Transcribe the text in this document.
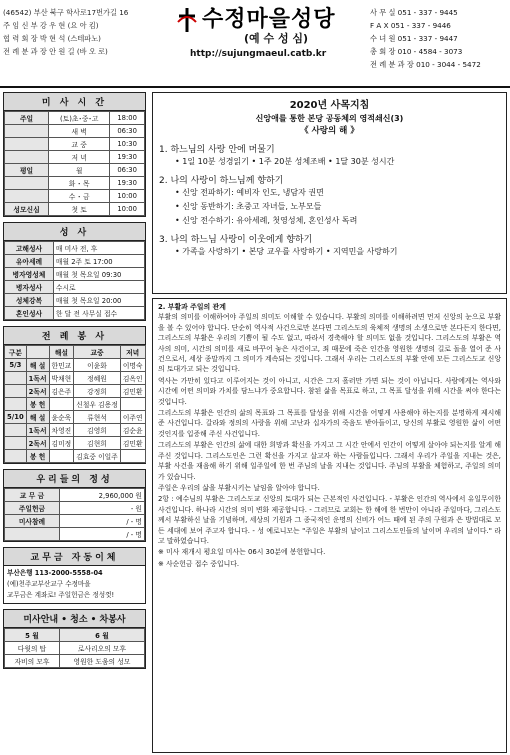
(46542) 부산 북구 학사로17번가길 16
주 임 신 부 강 우 현 (요 아 킴)
협 력 회 장 박 현 석 (스테파노)
전 례 분 과 장 안 원 길 (바 오 로)
수정마을성당
(예 수 성 심)
http://sujungmaeul.catb.kr
사 무 실 051 - 337 - 9445
F A X 051 - 337 - 9446
수 녀 원 051 - 337 - 9447
총 회 장 010 - 4584 - 3073
전 례 분 과 장 010 - 3044 - 5472
미 사 시 간
주일	(토)초･중･고	18:00
	새 벽	06:30
	교 중	10:30
	저 녁	19:30
평일	월	06:30
	화 ･ 목	19:30
	수 ･ 금	10:00
성모신심	첫 토	10:00
성 사
고해성사	매 미사 전, 후
유아세례	매월 2주 토 17:00
병자영성체	매월 첫 목요일 09:30
병자성사	수시로
성체강복	매월 첫 목요일 20:00
혼인성사	한 달 전 사무실 접수
전 례 봉 사
구분		해설	교중	저녁
5/3	해 설	한민교	이윤화	이명숙
	1독서	박채현	정혜원	김옥인
	2독서	김은주	강정희	김민환
	봉 헌		신철우 김용정	
5/10	해 설	윤순욱	류현석	이주연
	1독서	차영진	김영희	김순윤
	2독서	김미정	김현희	김민환
	봉 헌		김효중 이일주	
우리들의 정성
교 무 금	2,960,000 원
주일헌금	- 원
미사참례	/ - 명
	/ - 명
교무금 자동이체
부산은행 113-2000-5558-04
(예)천주교부산교구 수정마을
교무금은 계좌로! 주일헌금은 정성껏!
미사안내 • 청소 • 차봉사
5 월	6 월
다윗의 탑	로사리오의 모후
자비의 모후	영원한 도움의 성모
2020년 사목지침
신앙애를 통한 본당 공동체의 영적쇄신(3)
《 사랑의 해 》
1. 하느님의 사랑 안에 머물기
• 1일 10분 성경읽기 • 1주 20분 성체조배 • 1달 30분 성시간
2. 나의 사랑이 하느님께 향하기
• 신앙 전파하기: 예비자 인도, 냉담자 권면
• 신앙 동반하기: 초중고 자녀들, 노부모들
• 신앙 전수하기: 유아세례, 첫영성체, 혼인성사 독려
3. 나의 하느님 사랑이 이웃에게 향하기
• 가족을 사랑하기 • 본당 교우를 사랑하기 • 지역민을 사랑하기
2. 부활과 주일의 관계

부활의 의미를 이해하여야 주일의 의미도 이해할 수 있습니다. 부활의 의미를 이해하려면 먼저 신앙의 눈으로 부활을 볼 수 있어야 합니다. 단순히 역사적 사건으로만 본다면 그리스도의 육체적 생명의 소생으로만 본다든지 한다면, 그리스도의 부활은 우리의 기쁨이 될 수도 없고, 따라서 경축해야 할 의미도 없을 것입니다. 그리스도의 부활은 역사의 의미, 시간의 의미를 새로 바꾸어 놓은 사건이고, 죄 때문에 죽은 인간을 영원한 생명의 길로 돌을 열어 준 사건으로서, 세상 종말까지 그 의미가 계속되는 것입니다. 그래서 우리는 그리스도의 부활 안에 모든 그리스도교 신앙의 토대가고 되는 것입니다.

역사는 가만히 있다고 이루어지는 것이 아니고, 시간은 그저 흘러만 가면 되는 것이 아닙니다. 사람에게는 역사와 시간에 어떤 의미와 가치를 담느냐가 중요합니다. 참된 삶을 목표로 하고, 그 목표 달성을 위해 시간을 써야 한다는 것입니다.

그리스도의 부활은 인간의 삶의 목표와 그 목표를 달성을 위해 시간을 어떻게 사용해야 하는지를 분명하게 제시해 준 사건입니다. 갈라와 정의의 사랑을 위해 고난과 십자가의 죽음도 받아들이고, 당신의 부활로 영원한 삶이 어떤 것인지를 입증해 주신 사건입니다.

그리스도의 부활은 인간의 삶에 대한 희망과 확신을 가지고 그 시간 안에서 인간이 어떻게 살아야 되는지를 알게 해 주신 것입니다. 그리스도인은 그런 확신을 가지고 살고자 하는 사람들입니다. 그래서 우리가 주일을 지내는 것은, 부활 사건을 재음해 하기 위해 일주일에 한 번 주님의 날을 지내는 것입니다. 주님의 부활을 체험하고, 주일의 의미가 있습니다.

주일은 우리의 삶을 부활시키는 날임을 알아야 합니다.

2항 : 예수님의 부활은 그리스도교 신앙의 토대가 되는 근본적인 사건입니다. - 부활은 인간의 역사에서 유일무이한 사건입니다. 하나라 시간의 의미 변화 제공합니다. - 그러므로 교회는 한 해에 한 번만이 아니라 주일마다, 그리스도께서 부활하신 날을 기념하며, 세상의 기원과 그 종국적인 운명의 신비가 어느 때에 된 주의 구원과 은 방법대로 모든 세대에 보여 주고자 합니다. - 성 예로니모는 "주일은 부활의 날이고 그리스도인들의 날이며 우리의 날이다." 라고 말하였습니다.

※ 미사 재개시 평요일 미사는 06시 30분에 봉헌합니다.

※ 사순헌금 접수 중입니다.
